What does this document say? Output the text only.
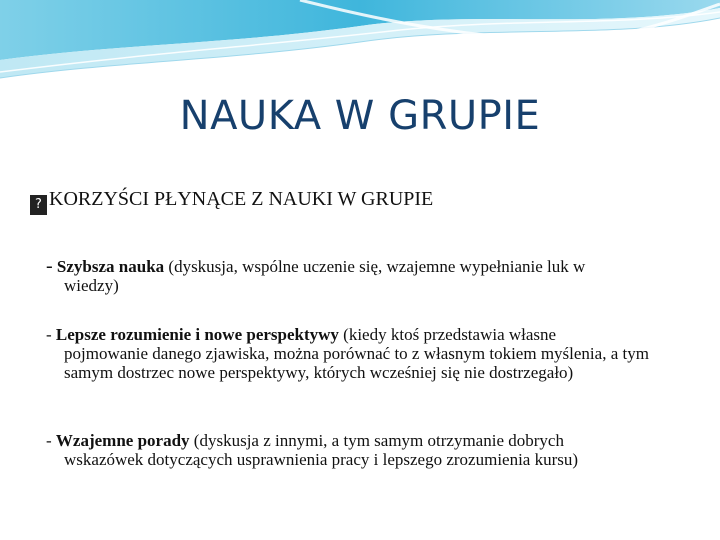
NAUKA W GRUPIE
? KORZYŚCI PŁYNĄCE Z NAUKI W GRUPIE
- Szybsza nauka (dyskusja, wspólne uczenie się, wzajemne wypełnianie luk w
wiedzy)
- Lepsze rozumienie i nowe perspektywy (kiedy ktoś przedstawia własne
pojmowanie danego zjawiska, można porównać to z własnym tokiem myślenia, a tym samym dostrzec nowe perspektywy, których wcześniej się nie dostrzegało)
- Wzajemne porady (dyskusja z innymi, a tym samym otrzymanie dobrych
wskazówek dotyczących usprawnienia pracy i lepszego zrozumienia kursu)
